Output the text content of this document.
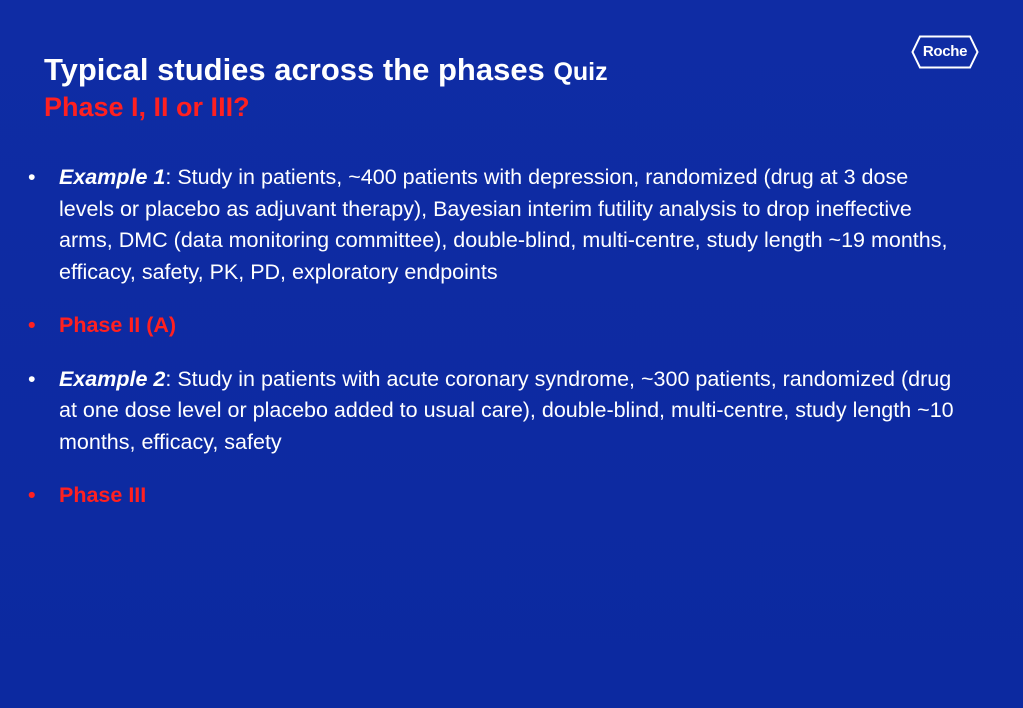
Typical studies across the phases Quiz
Phase I, II or III?
Roche
•	Example 1: Study in patients, ~400 patients with depression, randomized (drug at 3 dose levels or placebo as adjuvant therapy), Bayesian interim futility analysis to drop ineffective arms, DMC (data monitoring committee), double-blind, multi-centre, study length ~19 months, efficacy, safety, PK, PD, exploratory endpoints
•	Phase II (A)
•	Example 2: Study in patients with acute coronary syndrome, ~300 patients, randomized (drug at one dose level or placebo added to usual care), double-blind, multi-centre, study length ~10 months, efficacy, safety
•	Phase III
